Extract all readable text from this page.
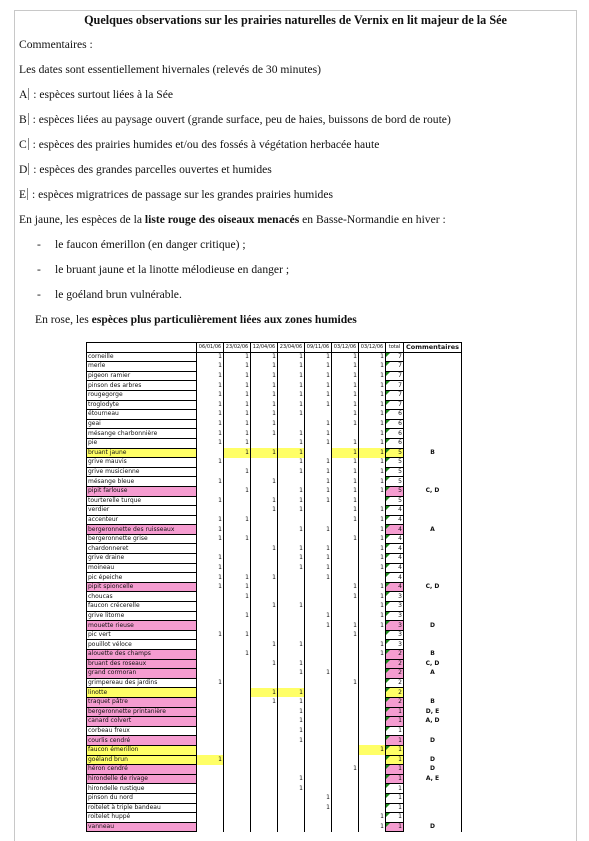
Quelques observations sur les prairies naturelles de Vernix en lit majeur de la Sée
Commentaires :
Les dates sont essentiellement hivernales (relevés de 30 minutes)
A : espèces surtout liées à la Sée
B : espèces liées au paysage ouvert (grande surface, peu de haies, buissons de bord de route)
C : espèces des prairies humides et/ou des fossés à végétation herbacée haute
D : espèces des grandes parcelles ouvertes et humides
E : espèces migratrices de passage sur les grandes prairies humides
En jaune, les espèces de la liste rouge des oiseaux menacés en Basse-Normandie en hiver :
- le faucon émerillon (en danger critique) ;
- le bruant jaune et la linotte mélodieuse en danger ;
- le goéland brun vulnérable.
En rose, les espèces plus particulièrement liées aux zones humides
	06/01/06	23/02/06	12/04/06	23/04/06	09/11/06	03/12/06	03/12/06	total	Commentaires
corneille	1	1	1	1	1	1	1	7	
merle	1	1	1	1	1	1	1	7	
pigeon ramier	1	1	1	1	1	1	1	7	
pinson des arbres	1	1	1	1	1	1	1	7	
rougegorge	1	1	1	1	1	1	1	7	
troglodyte	1	1	1	1	1	1	1	7	
étourneau	1	1	1	1		1	1	6	
geai	1	1	1		1	1	1	6	
mésange charbonnière	1	1	1	1	1		1	6	
pie	1	1		1	1	1	1	6	
bruant jaune		1	1	1		1	1	5	B
grive mauvis	1			1	1	1	1	5	
grive musicienne		1		1	1	1	1	5	
mésange bleue	1		1		1	1	1	5	
pipit farlouse		1		1	1	1	1	5	C, D
tourterelle turque	1		1	1	1	1		5	
verdier			1	1		1	1	4	
accenteur	1	1				1	1	4	
bergeronnette des ruisseaux	1			1	1		1	4	A
bergeronnette grise	1	1				1	1	4	
chardonneret			1	1	1		1	4	
grive draine	1			1	1		1	4	
moineau	1			1	1		1	4	
pic épeiche	1	1	1		1			4	
pipit spioncelle	1	1				1	1	4	C, D
choucas		1				1	1	3	
faucon crécerelle			1	1			1	3	
grive litorne		1			1		1	3	
mouette rieuse					1	1	1	3	D
pic vert	1	1				1		3	
pouillot véloce			1	1			1	3	
alouette des champs		1					1	2	B
bruant des roseaux			1	1				2	C, D
grand cormoran				1	1			2	A
grimpereau des jardins	1					1		2	
linotte			1	1				2	
traquet pâtre			1	1				2	B
bergeronnette printanière				1				1	D, E
canard colvert				1				1	A, D
corbeau freux				1				1	
courlis cendré				1				1	D
faucon émerillon							1	1	
goéland brun	1							1	D
héron cendré						1		1	D
hirondelle de rivage				1				1	A, E
hirondelle rustique				1				1	
pinson du nord					1			1	
roitelet à triple bandeau					1			1	
roitelet huppé							1	1	
vanneau							1	1	D
